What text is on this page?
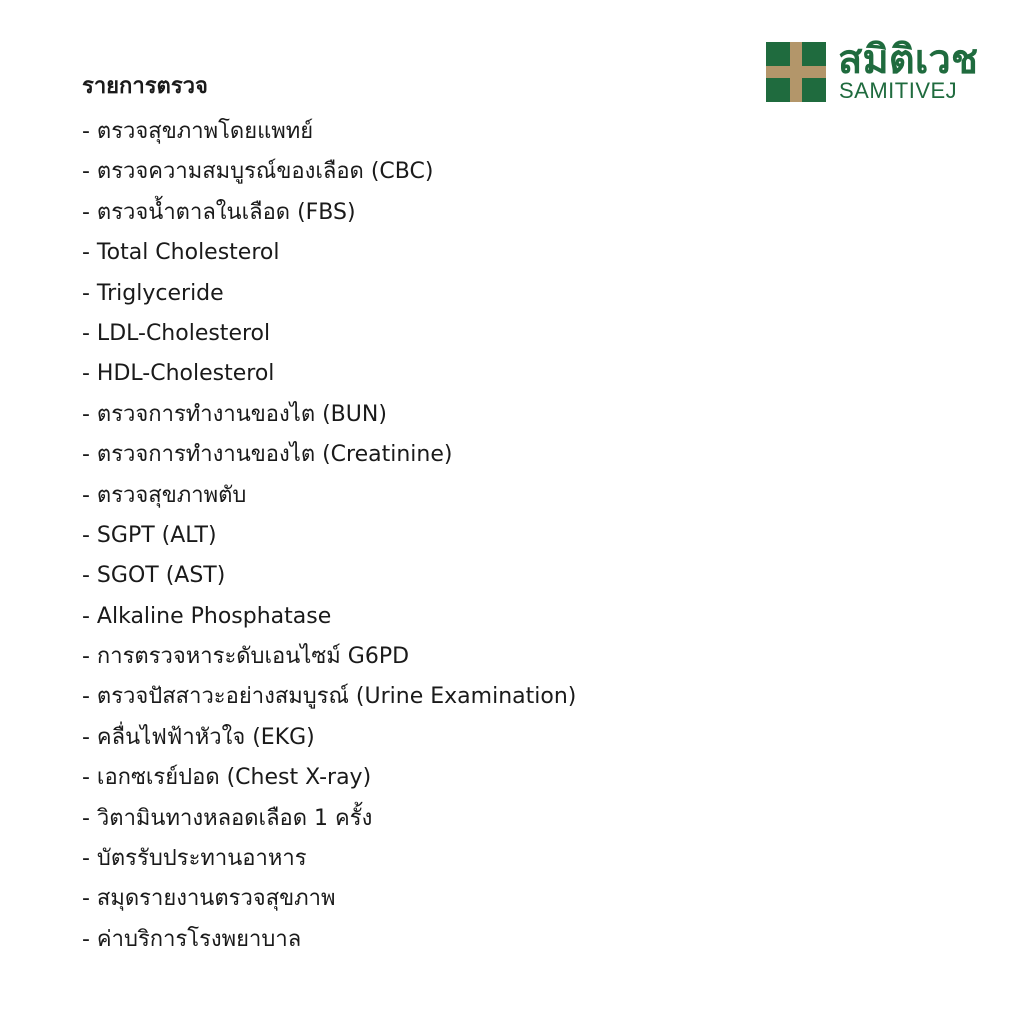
สมิติเวช
SAMITIVEJ
รายการตรวจ
- ตรวจสุขภาพโดยแพทย์
- ตรวจความสมบูรณ์ของเลือด (CBC)
- ตรวจน้ำตาลในเลือด (FBS)
- Total Cholesterol
- Triglyceride
- LDL-Cholesterol
- HDL-Cholesterol
- ตรวจการทำงานของไต (BUN)
- ตรวจการทำงานของไต (Creatinine)
- ตรวจสุขภาพตับ
- SGPT (ALT)
- SGOT (AST)
- Alkaline Phosphatase
- การตรวจหาระดับเอนไซม์ G6PD
- ตรวจปัสสาวะอย่างสมบูรณ์ (Urine Examination)
- คลื่นไฟฟ้าหัวใจ (EKG)
- เอกซเรย์ปอด (Chest X-ray)
- วิตามินทางหลอดเลือด 1 ครั้ง
- บัตรรับประทานอาหาร
- สมุดรายงานตรวจสุขภาพ
- ค่าบริการโรงพยาบาล
